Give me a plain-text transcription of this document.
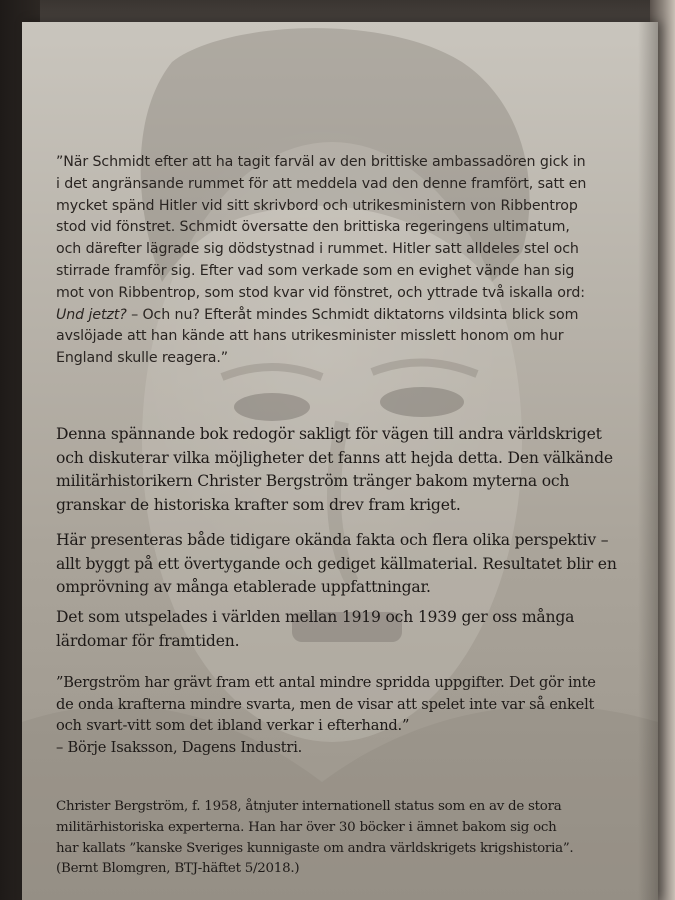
”När Schmidt efter att ha tagit farväl av den brittiske ambassadören gick in
i det angränsande rummet för att meddela vad den denne framfört, satt en
mycket spänd Hitler vid sitt skrivbord och utrikesministern von Ribbentrop
stod vid fönstret. Schmidt översatte den brittiska regeringens ultimatum,
och därefter lägrade sig dödstystnad i rummet. Hitler satt alldeles stel och
stirrade framför sig. Efter vad som verkade som en evighet vände han sig
mot von Ribbentrop, som stod kvar vid fönstret, och yttrade två iskalla ord:
Und jetzt? – Och nu? Efteråt mindes Schmidt diktatorns vildsinta blick som
avslöjade att han kände att hans utrikesminister misslett honom om hur
England skulle reagera.”
Denna spännande bok redogör sakligt för vägen till andra världskriget
och diskuterar vilka möjligheter det fanns att hejda detta. Den välkände
militärhistorikern Christer Bergström tränger bakom myterna och
granskar de historiska krafter som drev fram kriget.
Här presenteras både tidigare okända fakta och flera olika perspektiv –
allt byggt på ett övertygande och gediget källmaterial. Resultatet blir en
omprövning av många etablerade uppfattningar.
Det som utspelades i världen mellan 1919 och 1939 ger oss många
lärdomar för framtiden.
”Bergström har grävt fram ett antal mindre spridda uppgifter. Det gör inte
de onda krafterna mindre svarta, men de visar att spelet inte var så enkelt
och svart-vitt som det ibland verkar i efterhand.”
– Börje Isaksson, Dagens Industri.
Christer Bergström, f. 1958, åtnjuter internationell status som en av de stora
militärhistoriska experterna. Han har över 30 böcker i ämnet bakom sig och
har kallats ”kanske Sveriges kunnigaste om andra världskrigets krigshistoria”.
(Bernt Blomgren, BTJ-häftet 5/2018.)
